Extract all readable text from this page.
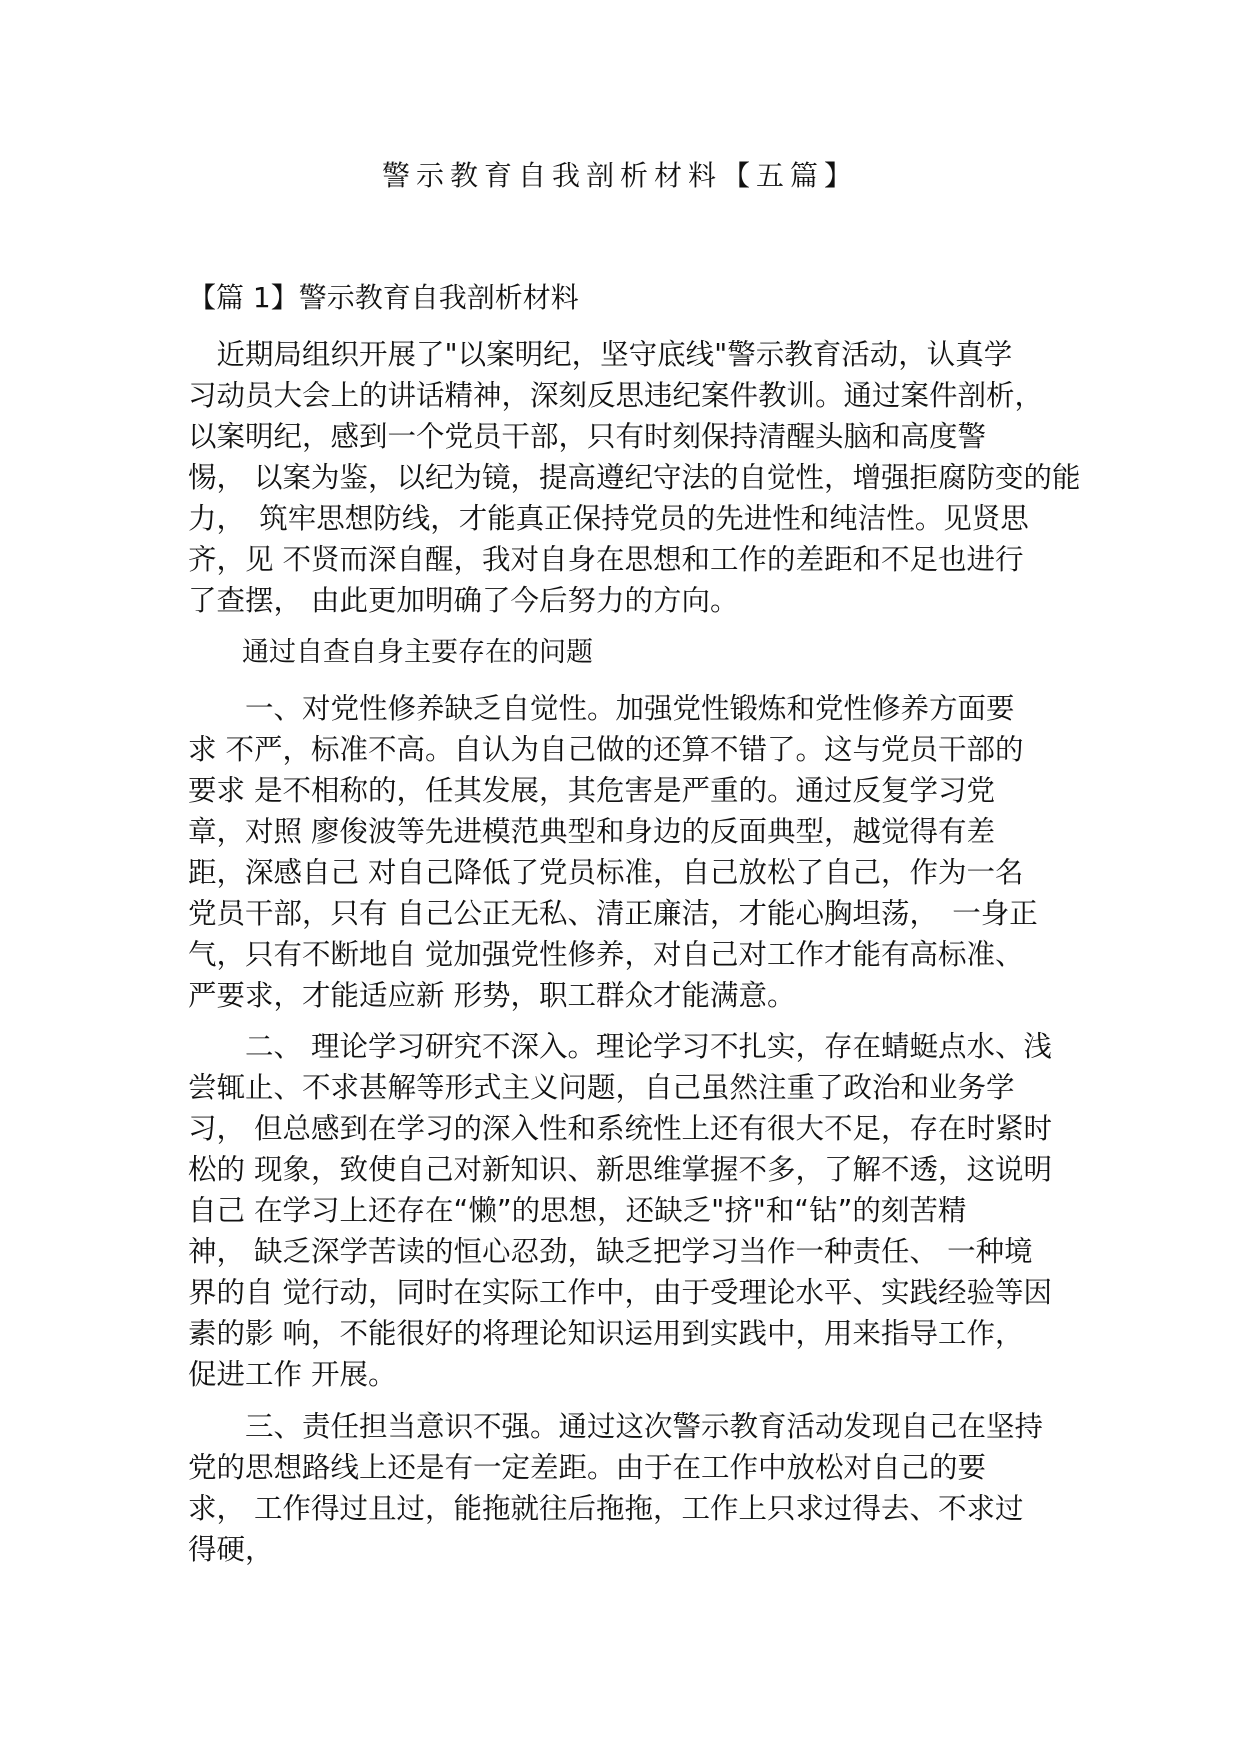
警示教育自我剖析材料【五篇】
【篇 1】警示教育自我剖析材料
　近期局组织开展了"以案明纪，坚守底线"警示教育活动，认真学
习动员大会上的讲话精神，深刻反思违纪案件教训。通过案件剖析，
以案明纪，感到一个党员干部，只有时刻保持清醒头脑和高度警
惕， 以案为鉴，以纪为镜，提高遵纪守法的自觉性，增强拒腐防变的能
力，　筑牢思想防线，才能真正保持党员的先进性和纯洁性。见贤思
齐，见 不贤而深自醒，我对自身在思想和工作的差距和不足也进行
了查摆， 由此更加明确了今后努力的方向。
　　通过自查自身主要存在的问题
　　一、对党性修养缺乏自觉性。加强党性锻炼和党性修养方面要
求 不严，标准不高。自认为自己做的还算不错了。这与党员干部的
要求 是不相称的，任其发展，其危害是严重的。通过反复学习党
章，对照 廖俊波等先进模范典型和身边的反面典型，越觉得有差
距，深感自己 对自己降低了党员标准，自己放松了自己，作为一名
党员干部，只有 自己公正无私、清正廉洁，才能心胸坦荡，　一身正
气，只有不断地自 觉加强党性修养，对自己对工作才能有高标准、
严要求，才能适应新 形势，职工群众才能满意。
　　二、 理论学习研究不深入。理论学习不扎实，存在蜻蜓点水、浅
尝辄止、不求甚解等形式主义问题，自己虽然注重了政治和业务学
习， 但总感到在学习的深入性和系统性上还有很大不足，存在时紧时
松的 现象，致使自己对新知识、新思维掌握不多，了解不透，这说明
自己 在学习上还存在“懒”的思想，还缺乏"挤"和“钻”的刻苦精
神， 缺乏深学苦读的恒心忍劲，缺乏把学习当作一种责任、 一种境
界的自 觉行动，同时在实际工作中，由于受理论水平、实践经验等因
素的影 响，不能很好的将理论知识运用到实践中，用来指导工作，
促进工作 开展。
　　三、责任担当意识不强。通过这次警示教育活动发现自己在坚持
党的思想路线上还是有一定差距。由于在工作中放松对自己的要
求， 工作得过且过，能拖就往后拖拖，工作上只求过得去、不求过
得硬，
